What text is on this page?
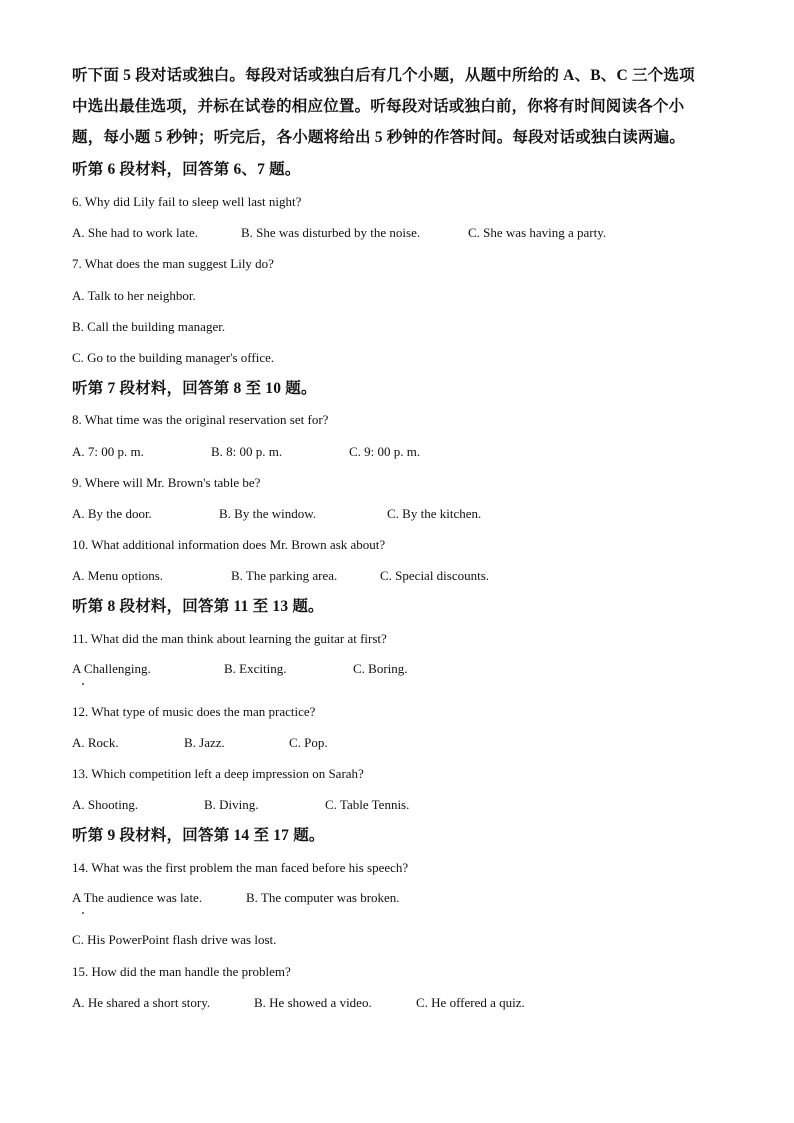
听下面 5 段对话或独白。每段对话或独白后有几个小题，从题中所给的 A、B、C 三个选项
中选出最佳选项，并标在试卷的相应位置。听每段对话或独白前，你将有时间阅读各个小
题，每小题 5 秒钟；听完后，各小题将给出 5 秒钟的作答时间。每段对话或独白读两遍。
听第 6 段材料，回答第 6、7 题。
6. Why did Lily fail to sleep well last night?
A. She had to work late.	B. She was disturbed by the noise.	C. She was having a party.
7. What does the man suggest Lily do?
A. Talk to her neighbor.
B. Call the building manager.
C. Go to the building manager's office.
听第 7 段材料，回答第 8 至 10 题。
8. What time was the original reservation set for?
A. 7: 00 p. m.	B. 8: 00 p. m.	C. 9: 00 p. m.
9. Where will Mr. Brown's table be?
A. By the door.	B. By the window.	C. By the kitchen.
10. What additional information does Mr. Brown ask about?
A. Menu options.	B. The parking area.	C. Special discounts.
听第 8 段材料，回答第 11 至 13 题。
11. What did the man think about learning the guitar at first?
A Challenging.	B. Exciting.	C. Boring.
12. What type of music does the man practice?
A. Rock.	B. Jazz.	C. Pop.
13. Which competition left a deep impression on Sarah?
A. Shooting.	B. Diving.	C. Table Tennis.
听第 9 段材料，回答第 14 至 17 题。
14. What was the first problem the man faced before his speech?
A The audience was late.	B. The computer was broken.
C. His PowerPoint flash drive was lost.
15. How did the man handle the problem?
A. He shared a short story.	B. He showed a video.	C. He offered a quiz.
